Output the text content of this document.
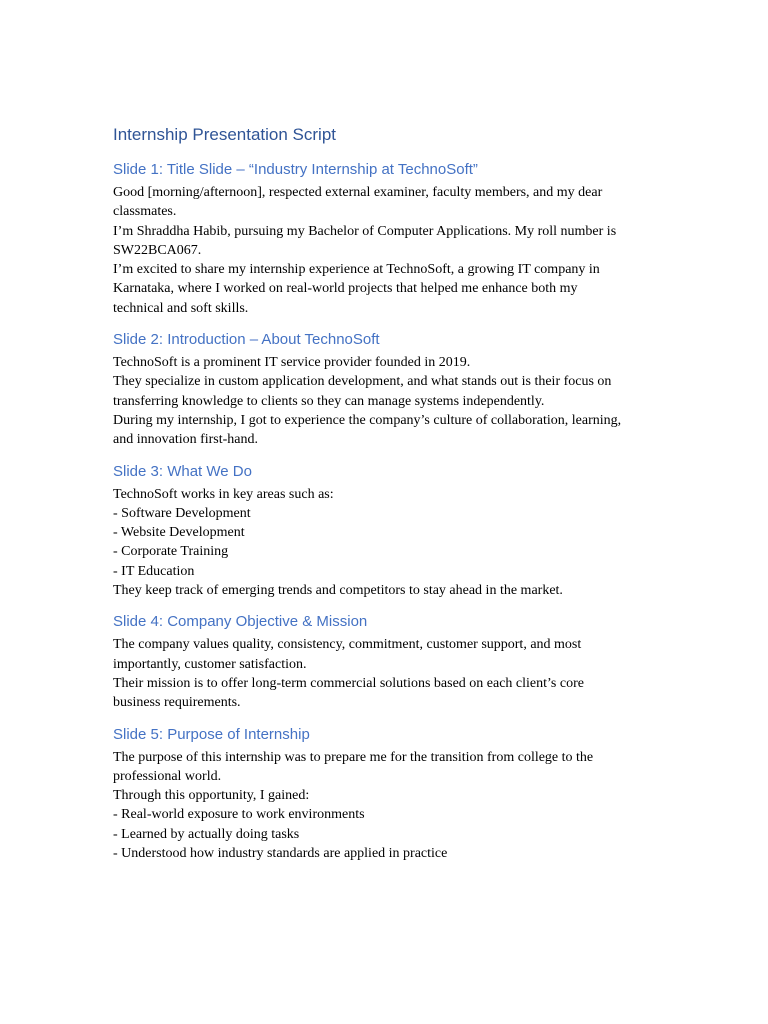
Internship Presentation Script
Slide 1: Title Slide – “Industry Internship at TechnoSoft”

Good [morning/afternoon], respected external examiner, faculty members, and my dear

classmates.

I’m Shraddha Habib, pursuing my Bachelor of Computer Applications. My roll number is

SW22BCA067.

I’m excited to share my internship experience at TechnoSoft, a growing IT company in

Karnataka, where I worked on real-world projects that helped me enhance both my

technical and soft skills.

Slide 2: Introduction – About TechnoSoft

TechnoSoft is a prominent IT service provider founded in 2019.

They specialize in custom application development, and what stands out is their focus on

transferring knowledge to clients so they can manage systems independently.

During my internship, I got to experience the company’s culture of collaboration, learning,

and innovation first-hand.

Slide 3: What We Do

TechnoSoft works in key areas such as:

- Software Development

- Website Development

- Corporate Training

- IT Education

They keep track of emerging trends and competitors to stay ahead in the market.

Slide 4: Company Objective & Mission

The company values quality, consistency, commitment, customer support, and most

importantly, customer satisfaction.

Their mission is to offer long-term commercial solutions based on each client’s core

business requirements.

Slide 5: Purpose of Internship

The purpose of this internship was to prepare me for the transition from college to the

professional world.

Through this opportunity, I gained:

- Real-world exposure to work environments

- Learned by actually doing tasks

- Understood how industry standards are applied in practice
